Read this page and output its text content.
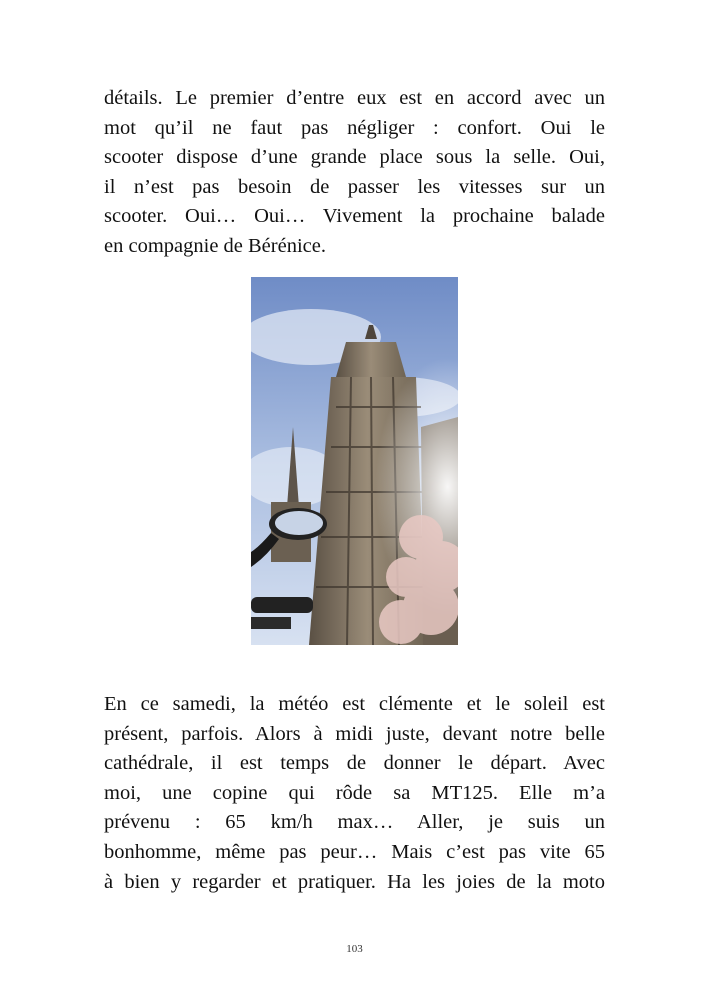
détails. Le premier d’entre eux est en accord avec un
mot qu’il ne faut pas négliger : confort. Oui le
scooter dispose d’une grande place sous la selle. Oui,
il n’est pas besoin de passer les vitesses sur un
scooter. Oui… Oui… Vivement la prochaine balade
en compagnie de Bérénice.
En ce samedi, la météo est clémente et le soleil est
présent, parfois. Alors à midi juste, devant notre belle
cathédrale, il est temps de donner le départ. Avec
moi, une copine qui rôde sa MT125. Elle m’a
prévenu : 65 km/h max… Aller, je suis un
bonhomme, même pas peur… Mais c’est pas vite 65
à bien y regarder et pratiquer. Ha les joies de la moto
103
